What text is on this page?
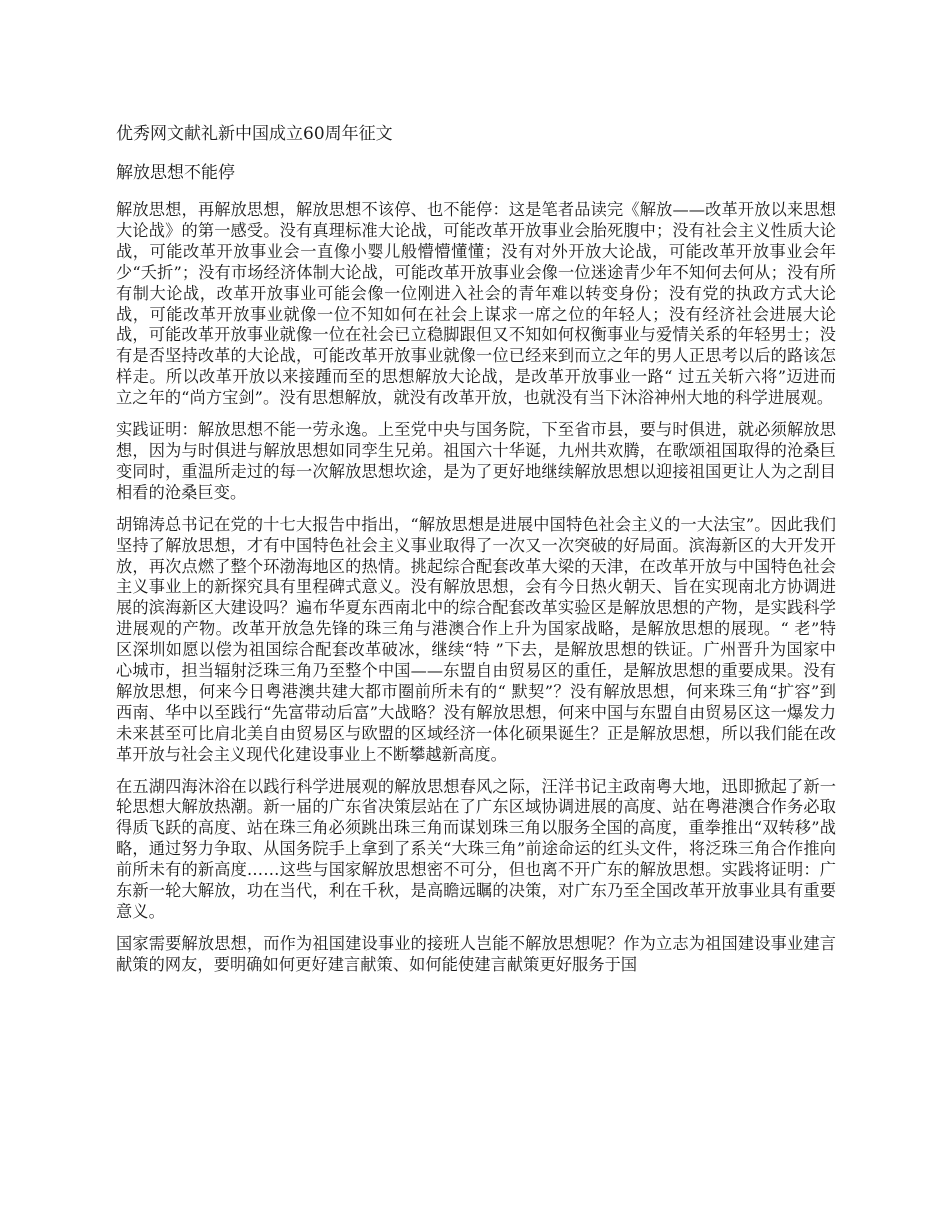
优秀网文献礼新中国成立60周年征文

解放思想不能停

解放思想，再解放思想，解放思想不该停、也不能停：这是笔者品读完《解放——改革开放以来思想大论战》的第一感受。没有真理标准大论战，可能改革开放事业会胎死腹中；没有社会主义性质大论战，可能改革开放事业会一直像小婴儿般懵懵懂懂；没有对外开放大论战，可能改革开放事业会年少“夭折”；没有市场经济体制大论战，可能改革开放事业会像一位迷途青少年不知何去何从；没有所有制大论战，改革开放事业可能会像一位刚进入社会的青年难以转变身份；没有党的执政方式大论战，可能改革开放事业就像一位不知如何在社会上谋求一席之位的年轻人；没有经济社会进展大论战，可能改革开放事业就像一位在社会已立稳脚跟但又不知如何权衡事业与爱情关系的年轻男士；没有是否坚持改革的大论战，可能改革开放事业就像一位已经来到而立之年的男人正思考以后的路该怎样走。所以改革开放以来接踵而至的思想解放大论战，是改革开放事业一路“ 过五关斩六将”迈进而立之年的“尚方宝剑”。没有思想解放，就没有改革开放，也就没有当下沐浴神州大地的科学进展观。

实践证明：解放思想不能一劳永逸。上至党中央与国务院，下至省市县，要与时俱进，就必须解放思想，因为与时俱进与解放思想如同孪生兄弟。祖国六十华诞，九州共欢腾，在歌颂祖国取得的沧桑巨变同时，重温所走过的每一次解放思想坎途，是为了更好地继续解放思想以迎接祖国更让人为之刮目相看的沧桑巨变。

胡锦涛总书记在党的十七大报告中指出，“解放思想是进展中国特色社会主义的一大法宝”。因此我们坚持了解放思想，才有中国特色社会主义事业取得了一次又一次突破的好局面。滨海新区的大开发开放，再次点燃了整个环渤海地区的热情。挑起综合配套改革大梁的天津，在改革开放与中国特色社会主义事业上的新探究具有里程碑式意义。没有解放思想，会有今日热火朝天、旨在实现南北方协调进展的滨海新区大建设吗？遍布华夏东西南北中的综合配套改革实验区是解放思想的产物，是实践科学进展观的产物。改革开放急先锋的珠三角与港澳合作上升为国家战略，是解放思想的展现。“ 老”特区深圳如愿以偿为祖国综合配套改革破冰，继续“特 ”下去，是解放思想的铁证。广州晋升为国家中心城市，担当辐射泛珠三角乃至整个中国——东盟自由贸易区的重任，是解放思想的重要成果。没有解放思想，何来今日粤港澳共建大都市圈前所未有的“ 默契”？没有解放思想，何来珠三角“扩容”到西南、华中以至践行“先富带动后富”大战略？没有解放思想，何来中国与东盟自由贸易区这一爆发力未来甚至可比肩北美自由贸易区与欧盟的区域经济一体化硕果诞生？正是解放思想，所以我们能在改革开放与社会主义现代化建设事业上不断攀越新高度。

在五湖四海沐浴在以践行科学进展观的解放思想春风之际，汪洋书记主政南粤大地，迅即掀起了新一轮思想大解放热潮。新一届的广东省决策层站在了广东区域协调进展的高度、站在粤港澳合作务必取得质飞跃的高度、站在珠三角必须跳出珠三角而谋划珠三角以服务全国的高度，重拳推出“双转移”战略，通过努力争取、从国务院手上拿到了系关“大珠三角”前途命运的红头文件，将泛珠三角合作推向前所未有的新高度……这些与国家解放思想密不可分，但也离不开广东的解放思想。实践将证明：广东新一轮大解放，功在当代，利在千秋，是高瞻远瞩的决策，对广东乃至全国改革开放事业具有重要意义。

国家需要解放思想，而作为祖国建设事业的接班人岂能不解放思想呢？作为立志为祖国建设事业建言献策的网友，要明确如何更好建言献策、如何能使建言献策更好服务于国
